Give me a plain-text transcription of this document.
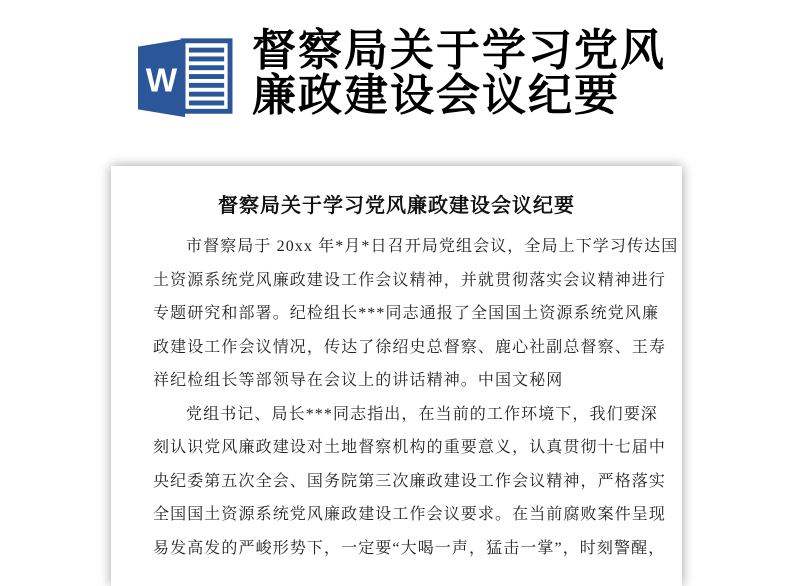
W
督察局关于学习党风
廉政建设会议纪要
督察局关于学习党风廉政建设会议纪要
市督察局于 20xx 年*月*日召开局党组会议，全局上下学习传达国
土资源系统党风廉政建设工作会议精神，并就贯彻落实会议精神进行
专题研究和部署。纪检组长***同志通报了全国国土资源系统党风廉
政建设工作会议情况，传达了徐绍史总督察、鹿心社副总督察、王寿
祥纪检组长等部领导在会议上的讲话精神。中国文秘网
党组书记、局长***同志指出，在当前的工作环境下，我们要深
刻认识党风廉政建设对土地督察机构的重要意义，认真贯彻十七届中
央纪委第五次全会、国务院第三次廉政建设工作会议精神，严格落实
全国国土资源系统党风廉政建设工作会议要求。在当前腐败案件呈现
易发高发的严峻形势下，一定要“大喝一声，猛击一掌”，时刻警醒，
